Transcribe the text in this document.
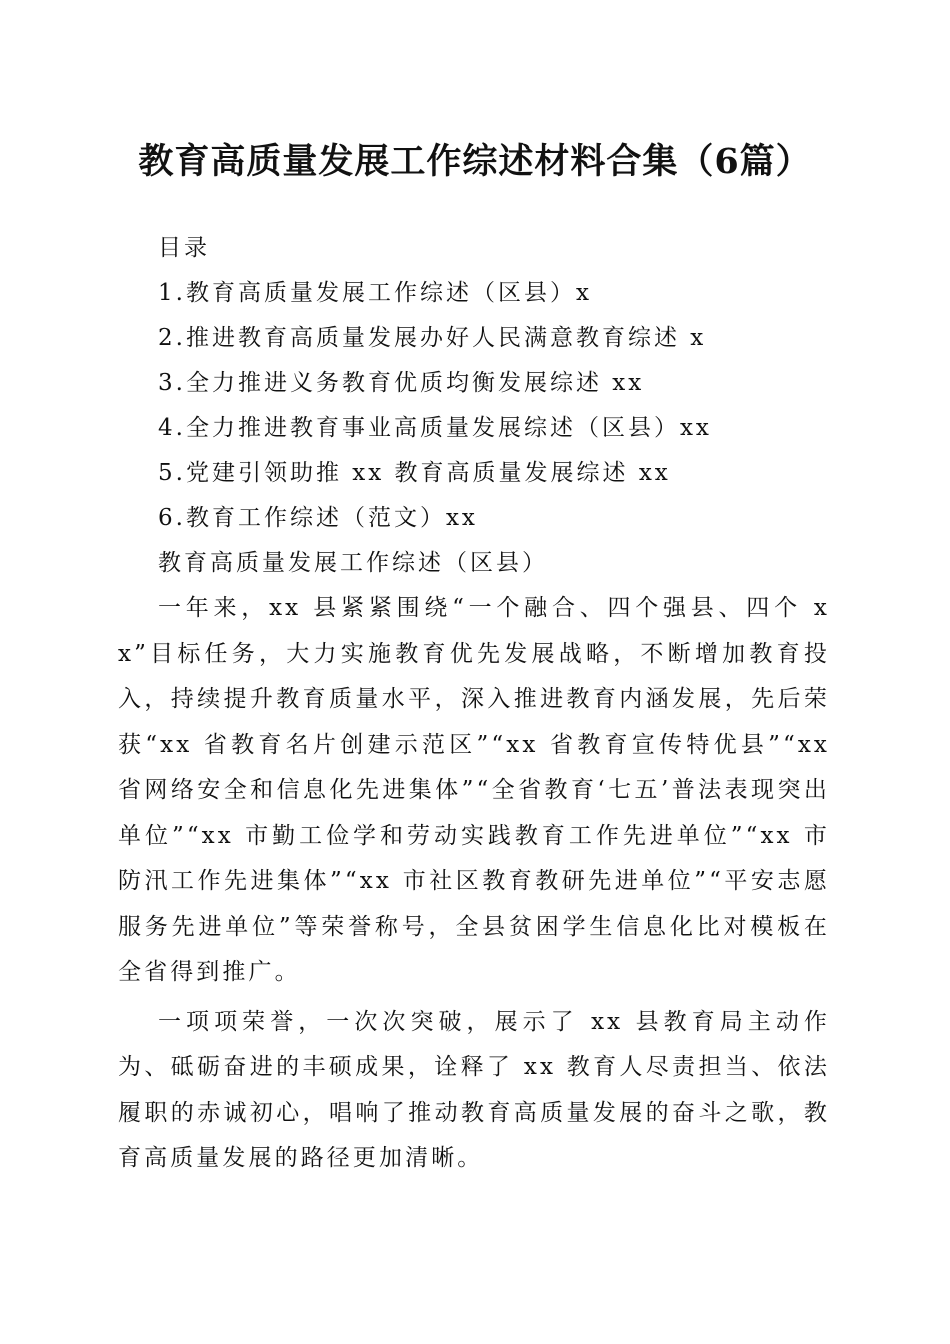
教育高质量发展工作综述材料合集（6篇）
目录
1.教育高质量发展工作综述（区县）x
2.推进教育高质量发展办好人民满意教育综述 x
3.全力推进义务教育优质均衡发展综述 xx
4.全力推进教育事业高质量发展综述（区县）xx
5.党建引领助推 xx 教育高质量发展综述 xx
6.教育工作综述（范文）xx
教育高质量发展工作综述（区县）

一年来，xx 县紧紧围绕“一个融合、四个强县、四个 xx”目标任务，大力实施教育优先发展战略，不断增加教育投入，持续提升教育质量水平，深入推进教育内涵发展，先后荣获“xx 省教育名片创建示范区”“xx 省教育宣传特优县”“xx 省网络安全和信息化先进集体”“全省教育‘七五’普法表现突出单位”“xx 市勤工俭学和劳动实践教育工作先进单位”“xx 市防汛工作先进集体”“xx 市社区教育教研先进单位”“平安志愿服务先进单位”等荣誉称号，全县贫困学生信息化比对模板在全省得到推广。

一项项荣誉，一次次突破，展示了 xx 县教育局主动作为、砥砺奋进的丰硕成果，诠释了 xx 教育人尽责担当、依法履职的赤诚初心，唱响了推动教育高质量发展的奋斗之歌，教育高质量发展的路径更加清晰。
